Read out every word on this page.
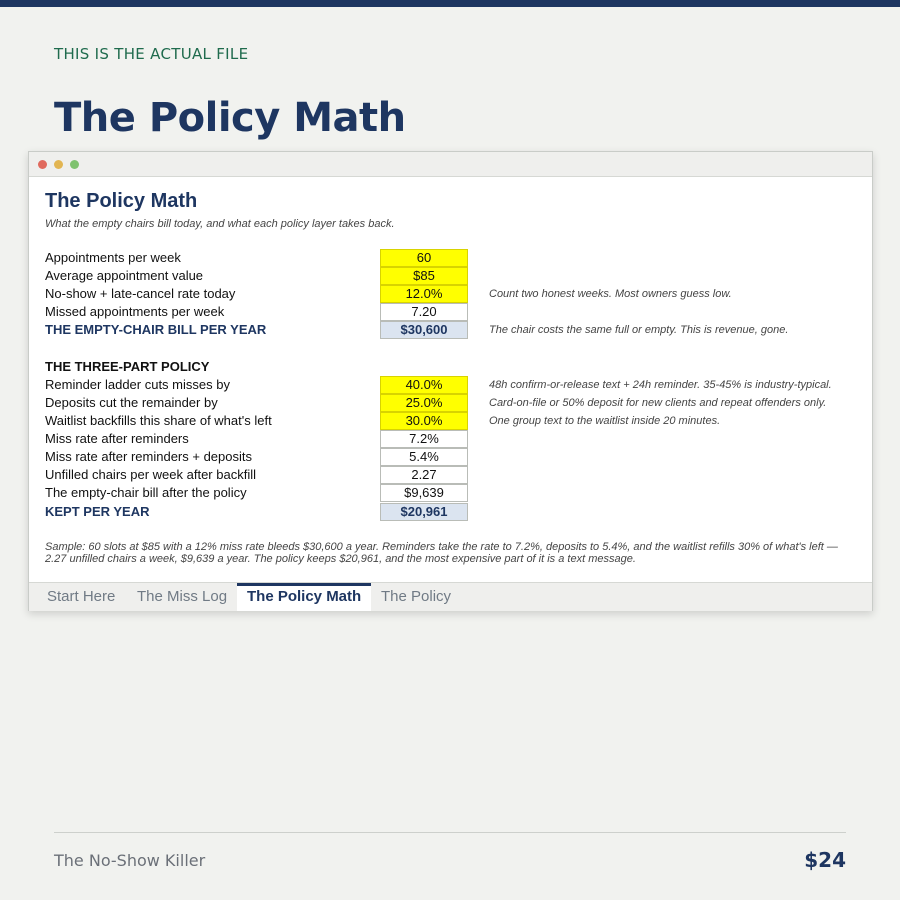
THIS IS THE ACTUAL FILE
The Policy Math
The Policy Math
What the empty chairs bill today, and what each policy layer takes back.
Appointments per week	60
Average appointment value	$85
No-show + late-cancel rate today	12.0%	Count two honest weeks. Most owners guess low.
Missed appointments per week	7.20
THE EMPTY-CHAIR BILL PER YEAR	$30,600	The chair costs the same full or empty. This is revenue, gone.
THE THREE-PART POLICY
Reminder ladder cuts misses by	40.0%	48h confirm-or-release text + 24h reminder. 35-45% is industry-typical.
Deposits cut the remainder by	25.0%	Card-on-file or 50% deposit for new clients and repeat offenders only.
Waitlist backfills this share of what's left	30.0%	One group text to the waitlist inside 20 minutes.
Miss rate after reminders	7.2%
Miss rate after reminders + deposits	5.4%
Unfilled chairs per week after backfill	2.27
The empty-chair bill after the policy	$9,639
KEPT PER YEAR	$20,961
Sample: 60 slots at $85 with a 12% miss rate bleeds $30,600 a year. Reminders take the rate to 7.2%, deposits to 5.4%, and the waitlist refills 30% of what's left — 2.27 unfilled chairs a week, $9,639 a year. The policy keeps $20,961, and the most expensive part of it is a text message.
Start Here	The Miss Log	The Policy Math	The Policy
The No-Show Killer	$24
